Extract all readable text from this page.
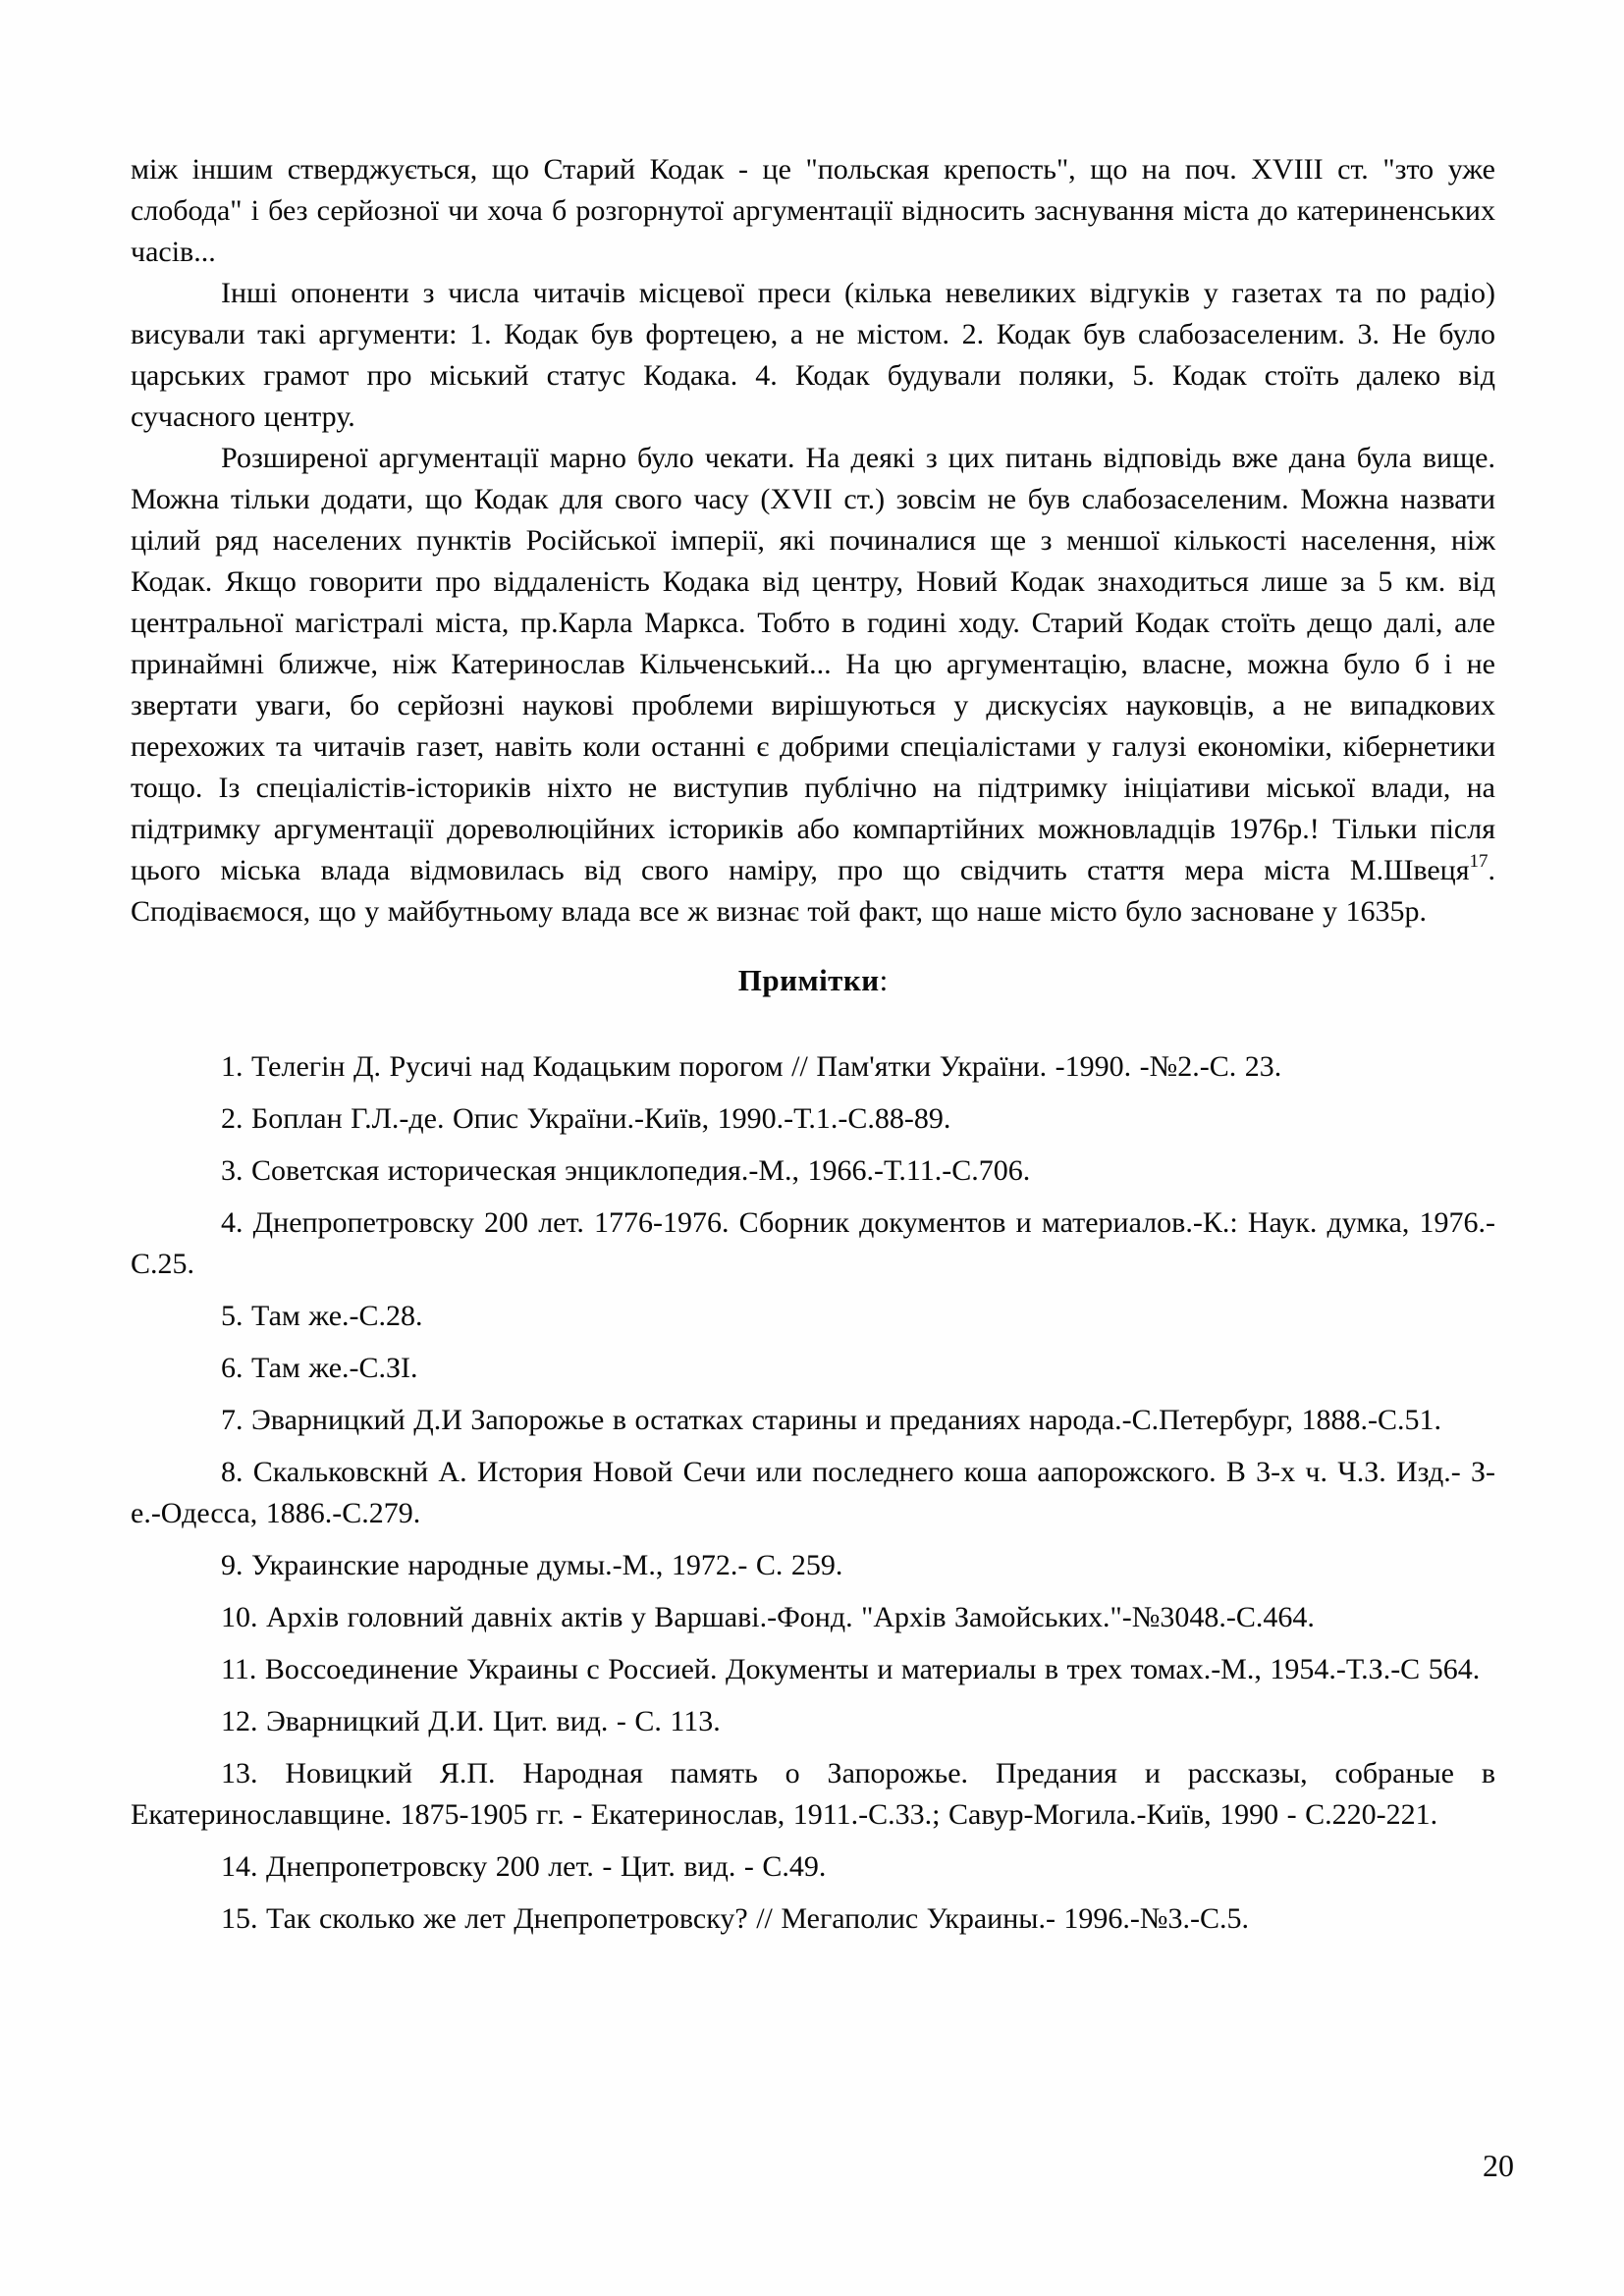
між іншим стверджується, що Старий Кодак - це "польская крепость", що на поч. XVIII ст. "зто уже слобода" і без серйозної чи хоча б розгорнутої аргументації відносить заснування міста до катериненських часів...

Інші опоненти з числа читачів місцевої преси (кілька невеликих відгуків у газетах та по радіо) висували такі аргументи: 1. Кодак був фортецею, а не містом. 2. Кодак був слабозаселеним. 3. Не було царських грамот про міський статус Кодака. 4. Кодак будували поляки, 5. Кодак стоїть далеко від сучасного центру.

Розширеної аргументації марно було чекати. На деякі з цих питань відповідь вже дана була вище. Можна тільки додати, що Кодак для свого часу (XVII ст.) зовсім не був слабозаселеним. Можна назвати цілий ряд населених пунктів Російської імперії, які починалися ще з меншої кількості населення, ніж Кодак. Якщо говорити про віддаленість Кодака від центру, Новий Кодак знаходиться лише за 5 км. від центральної магістралі міста, пр.Карла Маркса. Тобто в годині ходу. Старий Кодак стоїть дещо далі, але принаймні ближче, ніж Катеринослав Кільченський... На цю аргументацію, власне, можна було б і не звертати уваги, бо серйозні наукові проблеми вирішуються у дискусіях науковців, а не випадкових перехожих та читачів газет, навіть коли останні є добрими спеціалістами у галузі економіки, кібернетики тощо. Із спеціалістів-істориків ніхто не виступив публічно на підтримку ініціативи міської влади, на підтримку аргументації дореволюційних істориків або компартійних можновладців 1976р.! Тільки після цього міська влада відмовилась від свого наміру, про що свідчить стаття мера міста М.Швеця$^{17}$. Сподіваємося, що у майбутньому влада все ж визнає той факт, що наше місто було засноване у 1635р.

Примітки:

1. Телегін Д. Русичі над Кодацьким порогом // Пам'ятки України. -1990. -№2.-С. 23.

2. Боплан Г.Л.-де. Опис України.-Київ, 1990.-Т.1.-С.88-89.

3. Советская историческая энциклопедия.-М., 1966.-Т.11.-С.706.

4. Днепропетровску 200 лет. 1776-1976. Сборник документов и материалов.-К.: Наук. думка, 1976.-С.25.

5. Там же.-С.28.

6. Там же.-С.ЗІ.

7. Эварницкий Д.И Запорожье в остатках старины и преданиях народа.-С.Петербург, 1888.-С.51.

8. Скальковскнй А. История Новой Сечи или последнего коша аапорожского. В 3-х ч. Ч.З. Изд.- З-е.-Одесса, 1886.-С.279.

9. Украинские народные думы.-М., 1972.- С. 259.

10. Архів головний давніх актів у Варшаві.-Фонд. "Архів Замойських."-№3048.-С.464.

11. Воссоединение Украины с Россией. Документы и материалы в трех томах.-М., 1954.-Т.З.-С 564.

12. Эварницкий Д.И. Цит. вид. - С. 113.

13. Новицкий Я.П. Народная память о Запорожье. Предания и рассказы, собраные в Екатеринославщине. 1875-1905 гг. - Екатеринослав, 1911.-С.33.; Савур-Могила.-Київ, 1990 - С.220-221.

14. Днепропетровску 200 лет. - Цит. вид. - С.49.

15. Так сколько же лет Днепропетровску? // Мегаполис Украины.- 1996.-№3.-С.5.

20
